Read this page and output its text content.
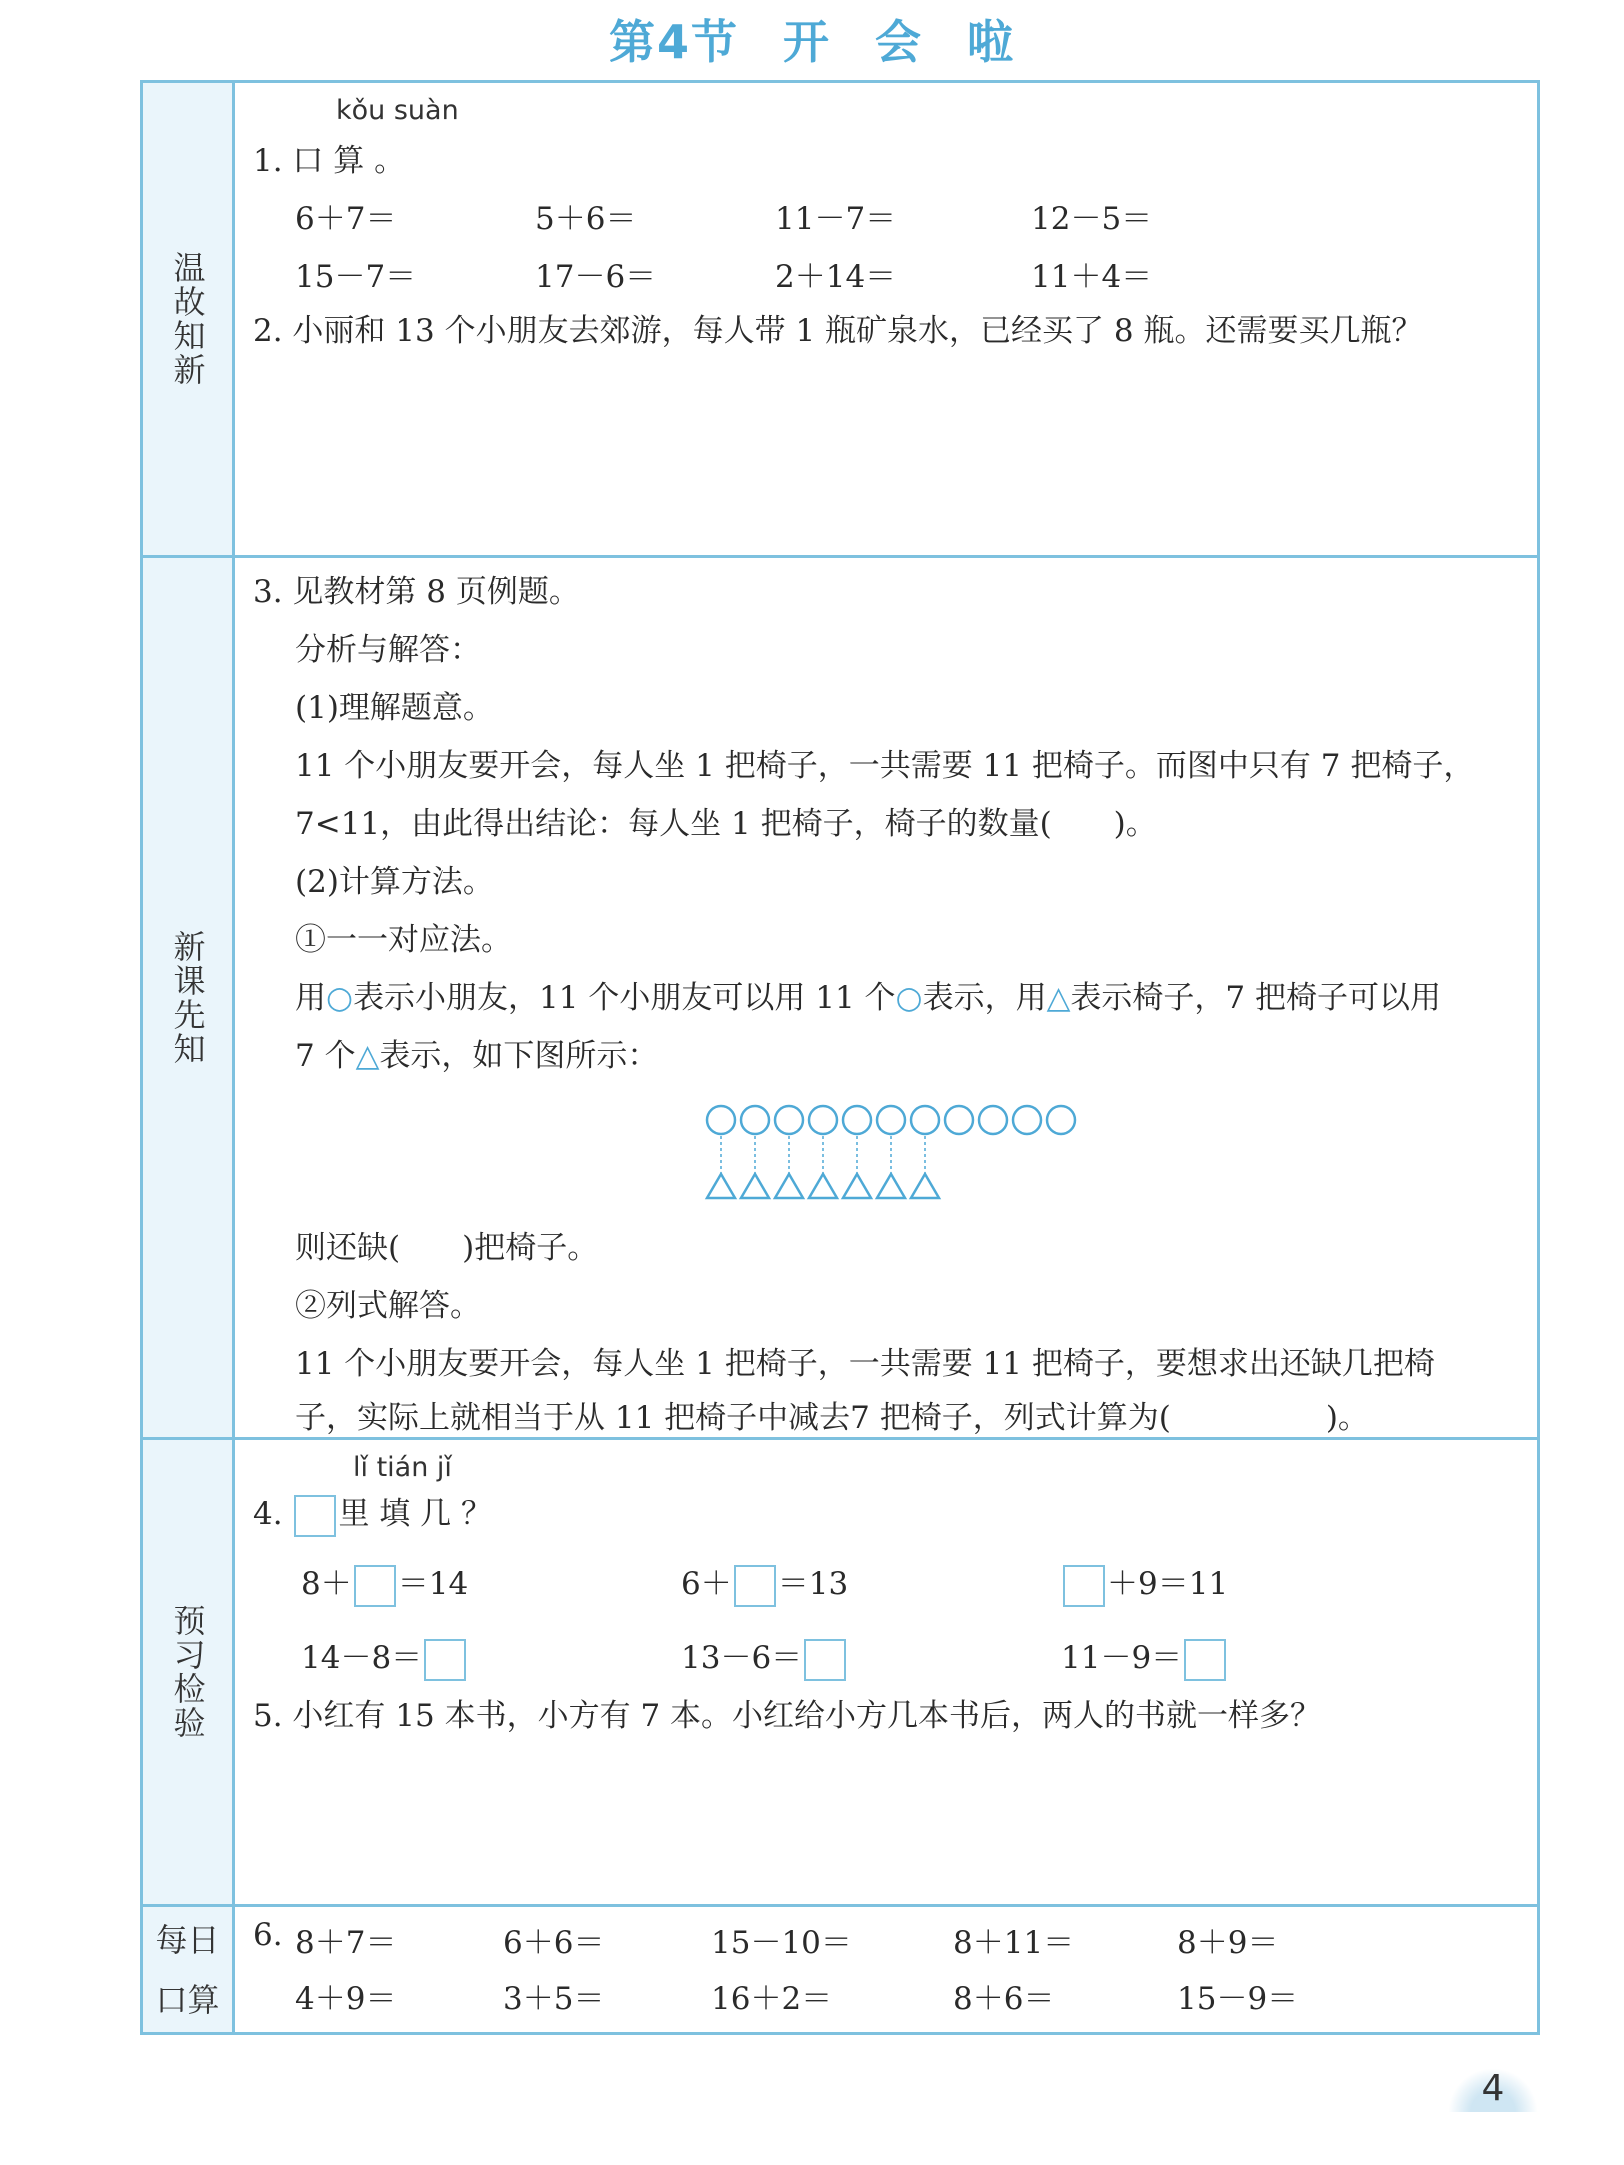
第4节 开 会 啦
温故知新
kǒu suàn
1. 口 算 。
6＋7＝	5＋6＝	11－7＝	12－5＝
15－7＝	17－6＝	2＋14＝	11＋4＝
2. 小丽和 13 个小朋友去郊游，每人带 1 瓶矿泉水，已经买了 8 瓶。还需要买几瓶？
新课先知
3. 见教材第 8 页例题。
分析与解答：
(1)理解题意。
11 个小朋友要开会，每人坐 1 把椅子，一共需要 11 把椅子。而图中只有 7 把椅子，
7<11，由此得出结论：每人坐 1 把椅子，椅子的数量(　　)。
(2)计算方法。
①一一对应法。
用○表示小朋友，11 个小朋友可以用 11 个○表示，用△表示椅子，7 把椅子可以用
7 个△表示，如下图所示：
则还缺(　　)把椅子。
②列式解答。
11 个小朋友要开会，每人坐 1 把椅子，一共需要 11 把椅子，要想求出还缺几把椅
子，实际上就相当于从 11 把椅子中减去7 把椅子，列式计算为(　　　　　)。
预习检验
lǐ tián jǐ
4. 里 填 几 ？
8＋ ＝14	6＋ ＝13	＋9＝11
14－8＝	13－6＝	11－9＝
5. 小红有 15 本书，小方有 7 本。小红给小方几本书后，两人的书就一样多？
每日
口算
6. 8＋7＝	6＋6＝	15－10＝	8＋11＝	8＋9＝
4＋9＝	3＋5＝	16＋2＝	8＋6＝	15－9＝
4
